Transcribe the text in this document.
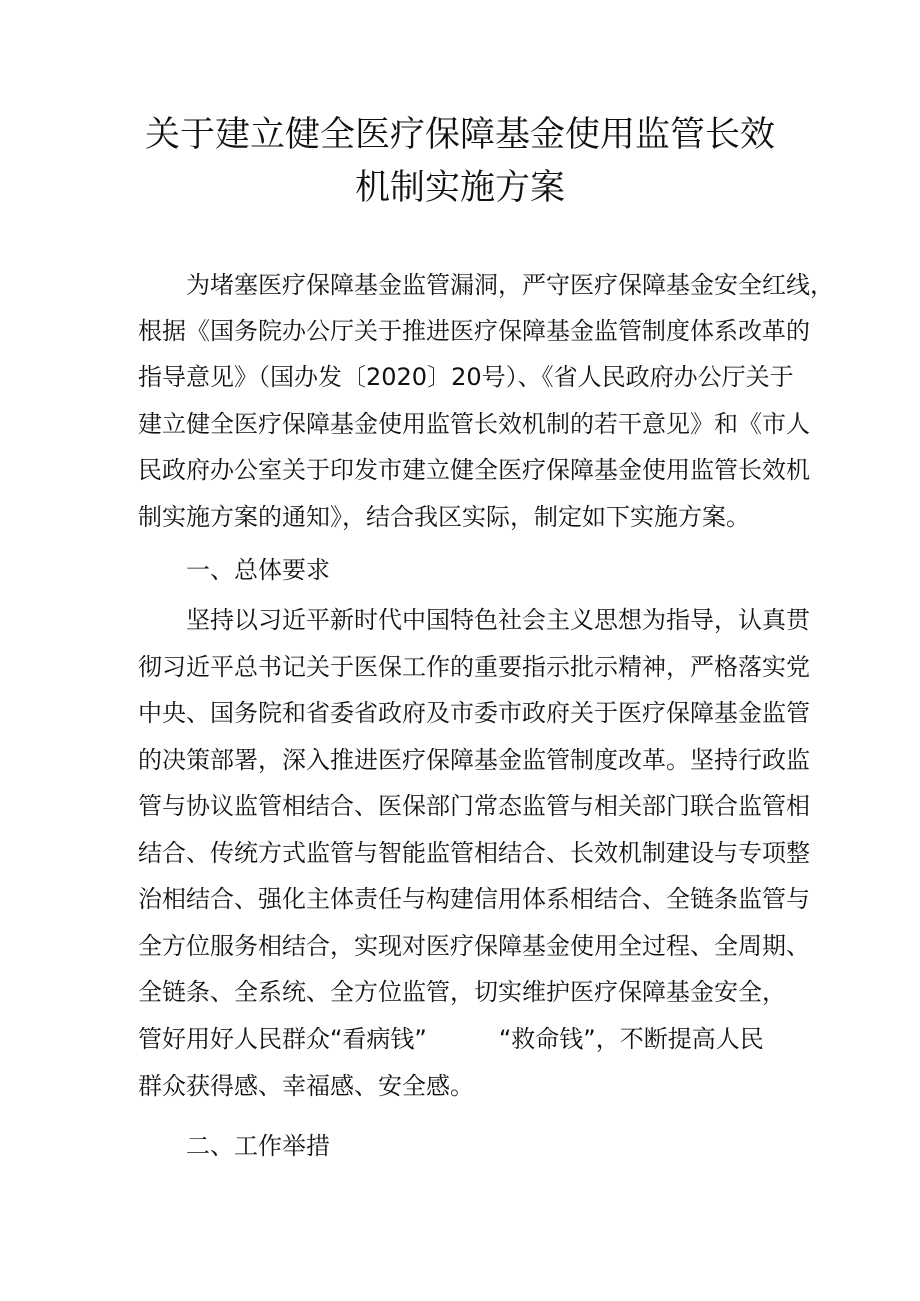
关于建立健全医疗保障基金使用监管长效
机制实施方案
为堵塞医疗保障基金监管漏洞，严守医疗保障基金安全红线，
根据《国务院办公厅关于推进医疗保障基金监管制度体系改革的
指导意见》（国办发〔2020〕20号）、《省人民政府办公厅关于
建立健全医疗保障基金使用监管长效机制的若干意见》和《市人
民政府办公室关于印发市建立健全医疗保障基金使用监管长效机
制实施方案的通知》，结合我区实际，制定如下实施方案。
一、总体要求
坚持以习近平新时代中国特色社会主义思想为指导，认真贯
彻习近平总书记关于医保工作的重要指示批示精神，严格落实党
中央、国务院和省委省政府及市委市政府关于医疗保障基金监管
的决策部署，深入推进医疗保障基金监管制度改革。坚持行政监
管与协议监管相结合、医保部门常态监管与相关部门联合监管相
结合、传统方式监管与智能监管相结合、长效机制建设与专项整
治相结合、强化主体责任与构建信用体系相结合、全链条监管与
全方位服务相结合，实现对医疗保障基金使用全过程、全周期、
全链条、全系统、全方位监管，切实维护医疗保障基金安全，
管好用好人民群众“看病钱”	“救命钱”，不断提高人民
群众获得感、幸福感、安全感。
二、工作举措
